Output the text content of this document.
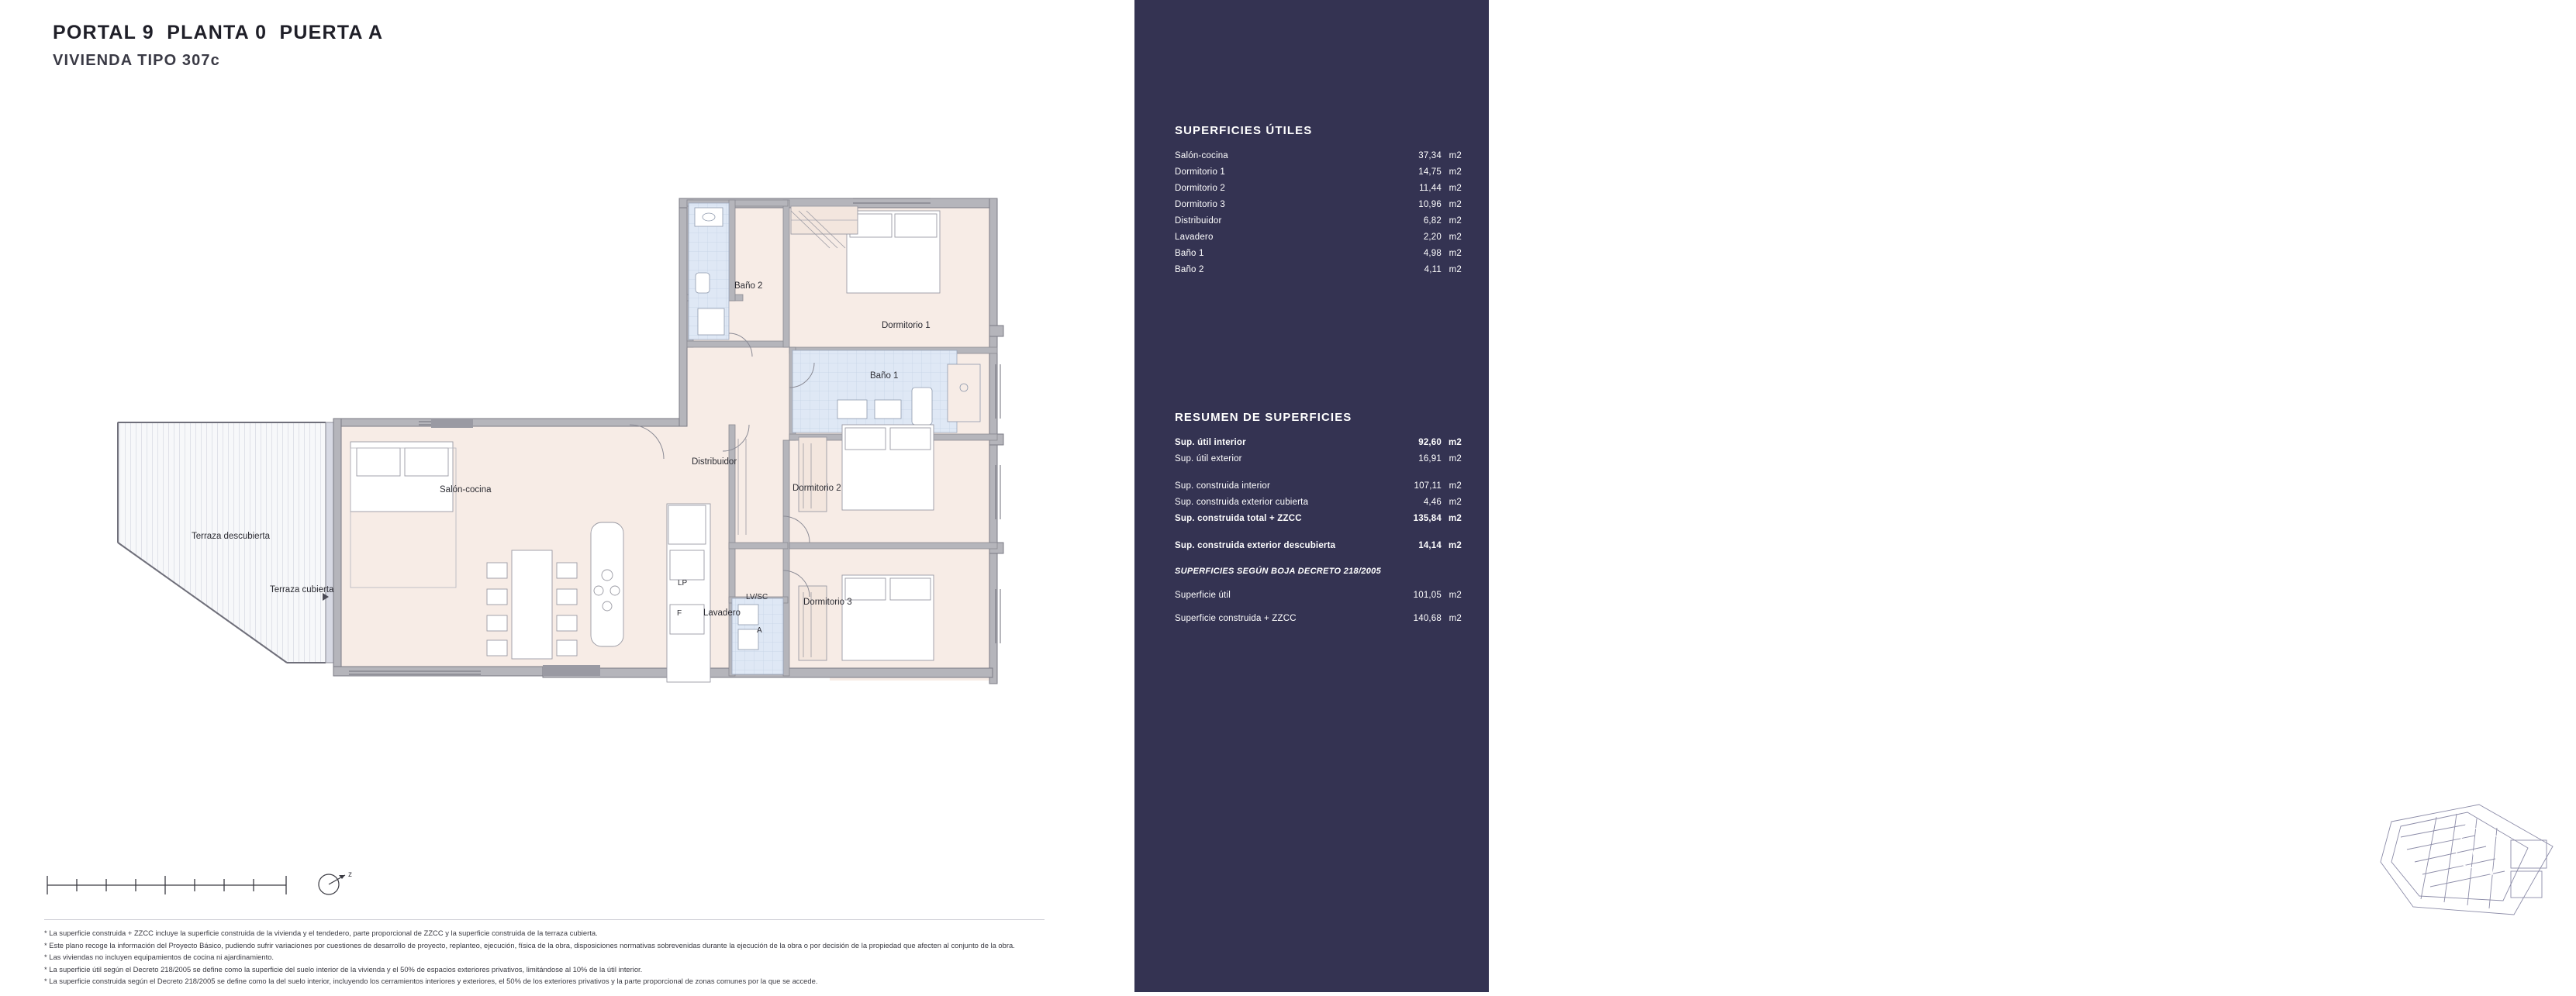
PORTAL 9  PLANTA 0  PUERTA A
VIVIENDA TIPO 307c
Baño 2
Dormitorio 1
Baño 1
Distribuidor
Dormitorio 2
Salón-cocina
Terraza descubierta
Terraza cubierta
Dormitorio 3
Lavadero
LP
F
LV/SC
A
z
SUPERFICIES ÚTILES
Salón-cocina	37,34 m2
Dormitorio 1	14,75 m2
Dormitorio 2	11,44 m2
Dormitorio 3	10,96 m2
Distribuidor	6,82 m2
Lavadero	2,20 m2
Baño 1	4,98 m2
Baño 2	4,11 m2
RESUMEN DE SUPERFICIES
Sup. útil interior	92,60 m2
Sup. útil exterior	16,91 m2
Sup. construida interior	107,11 m2
Sup. construida exterior cubierta	4,46 m2
Sup. construida total + ZZCC	135,84 m2
Sup. construida exterior descubierta	14,14 m2
SUPERFICIES SEGÚN BOJA DECRETO 218/2005
Superficie útil	101,05 m2
Superficie construida + ZZCC	140,68 m2
Planta Baja
9
N

* La superficie construida + ZZCC incluye la superficie construida de la vivienda y el tendedero, parte proporcional de ZZCC y la superficie construida de la terraza cubierta.

* Este plano recoge la información del Proyecto Básico, pudiendo sufrir variaciones por cuestiones de desarrollo de proyecto, replanteo, ejecución, física de la obra, disposiciones normativas sobrevenidas durante la ejecución de la obra o por decisión de la propiedad que afecten al conjunto de la obra.

* Las viviendas no incluyen equipamientos de cocina ni ajardinamiento.

* La superficie útil según el Decreto 218/2005 se define como la superficie del suelo interior de la vivienda y el 50% de espacios exteriores privativos, limitándose al 10% de la útil interior.

* La superficie construida según el Decreto 218/2005 se define como la del suelo interior, incluyendo los cerramientos interiores y exteriores, el 50% de los exteriores privativos y la parte proporcional de zonas comunes por la que se accede.
